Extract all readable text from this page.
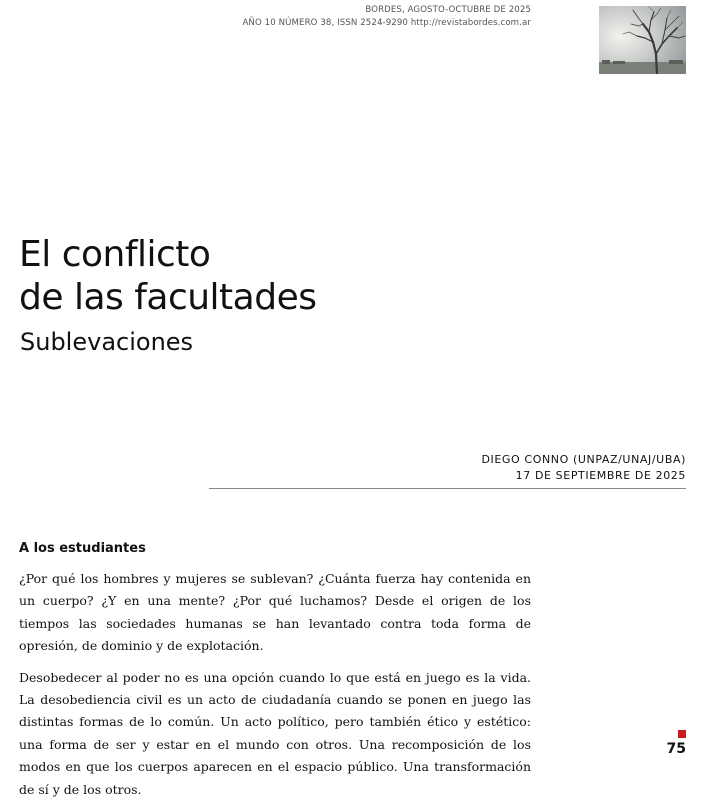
BORDES, AGOSTO-OCTUBRE DE 2025
AÑO 10 NÚMERO 38, ISSN 2524-9290 http://revistabordes.com.ar
El conflicto
de las facultades
Sublevaciones
DIEGO CONNO (UNPAZ/UNAJ/UBA)
17 DE SEPTIEMBRE DE 2025
A los estudiantes

¿Por qué los hombres y mujeres se sublevan? ¿Cuánta fuerza hay contenida en un cuerpo? ¿Y en una mente? ¿Por qué luchamos? Desde el origen de los tiempos las sociedades humanas se han levantado contra toda forma de opresión, de dominio y de explotación.

Desobedecer al poder no es una opción cuando lo que está en juego es la vida. La desobediencia civil es un acto de ciudadanía cuando se ponen en juego las distintas formas de lo común. Un acto político, pero también ético y estético: una forma de ser y estar en el mundo con otros. Una recomposición de los modos en que los cuerpos aparecen en el espacio público. Una transformación de sí y de los otros.

75
